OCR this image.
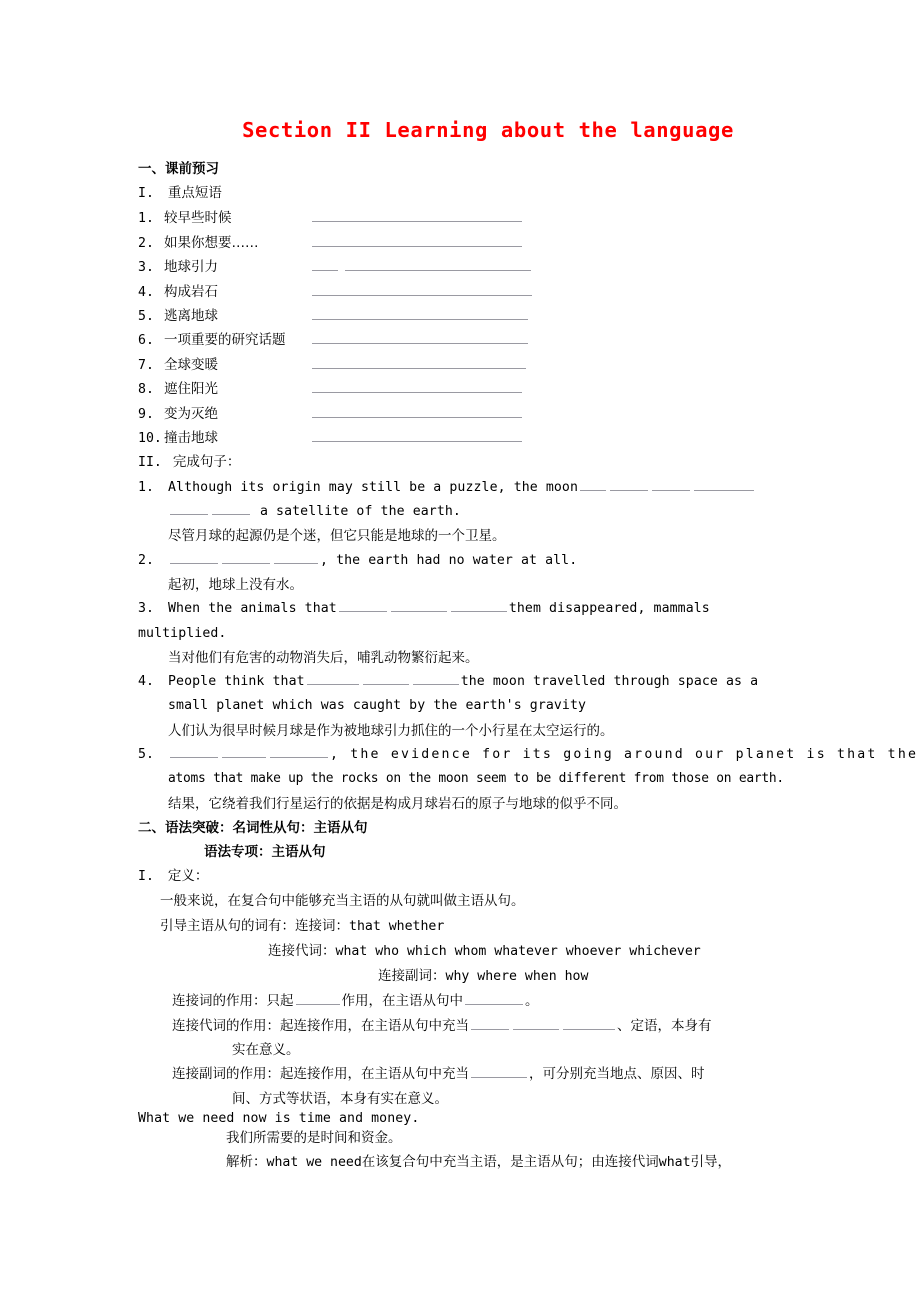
Section II Learning about the language
一、课前预习
I. 重点短语
1. 较早些时候
2. 如果你想要……
3. 地球引力
4. 构成岩石
5. 逃离地球
6. 一项重要的研究话题
7. 全球变暖
8. 遮住阳光
9. 变为灭绝
10. 撞击地球
II. 完成句子：
1. Although its origin may still be a puzzle, the moon
a satellite of the earth.
尽管月球的起源仍是个迷，但它只能是地球的一个卫星。
2.	, the earth had no water at all.
起初，地球上没有水。
3. When the animals that	them disappeared, mammals
multiplied.
当对他们有危害的动物消失后，哺乳动物繁衍起来。
4. People think that	the moon travelled through space as a
small planet which was caught by the earth's gravity
人们认为很早时候月球是作为被地球引力抓住的一个小行星在太空运行的。
5.	, the evidence for its going around our planet is that the
atoms that make up the rocks on the moon seem to be different from those on earth.
结果，它绕着我们行星运行的依据是构成月球岩石的原子与地球的似乎不同。
二、语法突破：名词性从句：主语从句
语法专项：主语从句
I. 定义：
一般来说，在复合句中能够充当主语的从句就叫做主语从句。
引导主语从句的词有：连接词：that whether
连接代词：what who which whom whatever whoever whichever
连接副词：why where when how
连接词的作用：只起	作用，在主语从句中	。
连接代词的作用：起连接作用，在主语从句中充当	、定语，本身有
实在意义。
连接副词的作用：起连接作用，在主语从句中充当	，可分别充当地点、原因、时
间、方式等状语，本身有实在意义。
What we need now is time and money.
我们所需要的是时间和资金。
解析：what we need在该复合句中充当主语，是主语从句；由连接代词what引导，
